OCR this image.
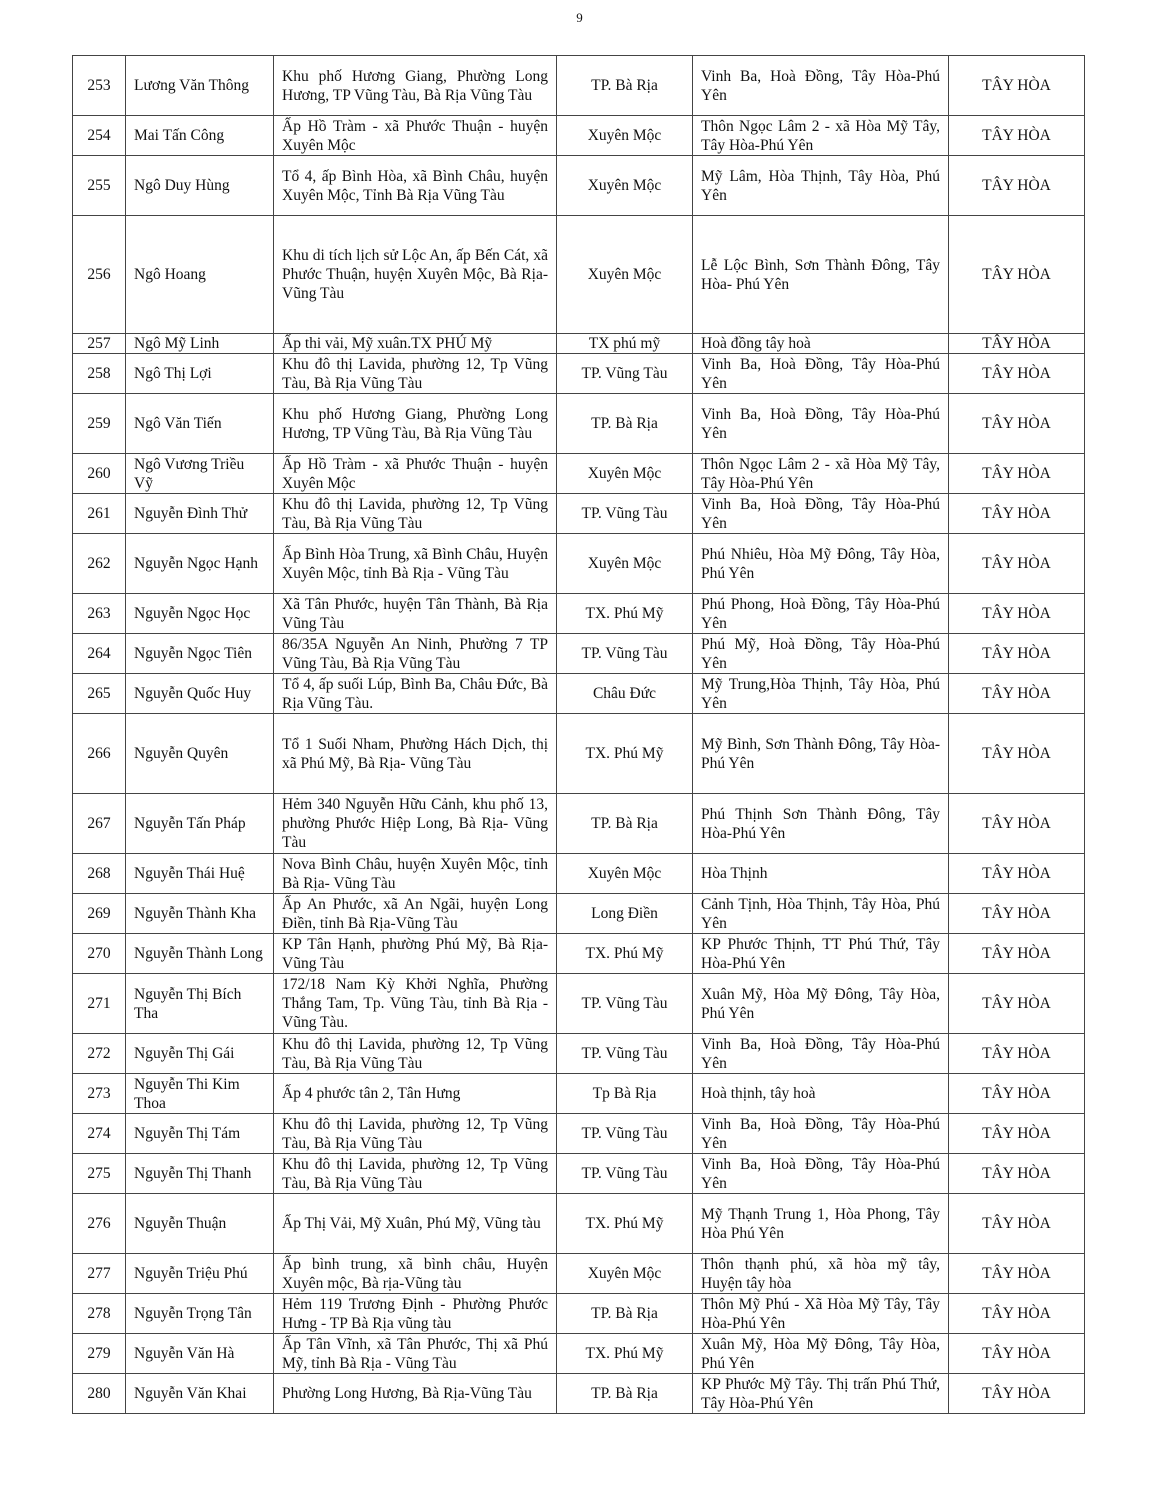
9
253	Lương Văn Thông	Khu phố Hương Giang, Phường Long Hương, TP Vũng Tàu, Bà Rịa Vũng Tàu	TP. Bà Rịa	Vinh Ba, Hoà Đồng, Tây Hòa-Phú Yên	TÂY HÒA
254	Mai Tấn Công	Ấp Hồ Tràm - xã Phước Thuận - huyện Xuyên Mộc	Xuyên Mộc	Thôn Ngọc Lâm 2 - xã Hòa Mỹ Tây, Tây Hòa-Phú Yên	TÂY HÒA
255	Ngô Duy Hùng	Tổ 4, ấp Bình Hòa, xã Bình Châu, huyện Xuyên Mộc, Tỉnh Bà Rịa Vũng Tàu	Xuyên Mộc	Mỹ Lâm, Hòa Thịnh, Tây Hòa, Phú Yên	TÂY HÒA
256	Ngô Hoang	Khu di tích lịch sử Lộc An, ấp Bến Cát, xã Phước Thuận, huyện Xuyên Mộc, Bà Rịa-Vũng Tàu	Xuyên Mộc	Lễ Lộc Bình, Sơn Thành Đông, Tây Hòa- Phú Yên	TÂY HÒA
257	Ngô Mỹ Linh	Ấp thi vải, Mỹ xuân.TX PHÚ Mỹ	TX phú mỹ	Hoà đồng tây hoà	TÂY HÒA
258	Ngô Thị Lợi	Khu đô thị Lavida, phường 12, Tp Vũng Tàu, Bà Rịa Vũng Tàu	TP. Vũng Tàu	Vinh Ba, Hoà Đồng, Tây Hòa-Phú Yên	TÂY HÒA
259	Ngô Văn Tiến	Khu phố Hương Giang, Phường Long Hương, TP Vũng Tàu, Bà Rịa Vũng Tàu	TP. Bà Rịa	Vinh Ba, Hoà Đồng, Tây Hòa-Phú Yên	TÂY HÒA
260	Ngô Vương Triều Vỹ	Ấp Hồ Tràm - xã Phước Thuận - huyện Xuyên Mộc	Xuyên Mộc	Thôn Ngọc Lâm 2 - xã Hòa Mỹ Tây, Tây Hòa-Phú Yên	TÂY HÒA
261	Nguyễn Đình Thử	Khu đô thị Lavida, phường 12, Tp Vũng Tàu, Bà Rịa Vũng Tàu	TP. Vũng Tàu	Vinh Ba, Hoà Đồng, Tây Hòa-Phú Yên	TÂY HÒA
262	Nguyễn Ngọc Hạnh	Ấp Bình Hòa Trung, xã Bình Châu, Huyện Xuyên Mộc, tỉnh Bà Rịa - Vũng Tàu	Xuyên Mộc	Phú Nhiêu, Hòa Mỹ Đông, Tây Hòa, Phú Yên	TÂY HÒA
263	Nguyễn Ngọc Học	Xã Tân Phước, huyện Tân Thành, Bà Rịa Vũng Tàu	TX. Phú Mỹ	Phú Phong, Hoà Đồng, Tây Hòa-Phú Yên	TÂY HÒA
264	Nguyễn Ngọc Tiên	86/35A Nguyễn An Ninh, Phường 7 TP Vũng Tàu, Bà Rịa Vũng Tàu	TP. Vũng Tàu	Phú Mỹ, Hoà Đồng, Tây Hòa-Phú Yên	TÂY HÒA
265	Nguyễn Quốc Huy	Tổ 4, ấp suối Lúp, Bình Ba, Châu Đức, Bà Rịa Vũng Tàu.	Châu Đức	Mỹ Trung,Hòa Thịnh, Tây Hòa, Phú Yên	TÂY HÒA
266	Nguyễn Quyên	Tổ 1 Suối Nham, Phường Hách Dịch, thị xã Phú Mỹ, Bà Rịa- Vũng Tàu	TX. Phú Mỹ	Mỹ Bình, Sơn Thành Đông, Tây Hòa-Phú Yên	TÂY HÒA
267	Nguyễn Tấn Pháp	Hẻm 340 Nguyễn Hữu Cảnh, khu phố 13, phường Phước Hiệp Long, Bà Rịa- Vũng Tàu	TP. Bà Rịa	Phú Thịnh Sơn Thành Đông, Tây Hòa-Phú Yên	TÂY HÒA
268	Nguyễn Thái Huệ	Nova Bình Châu, huyện Xuyên Mộc, tỉnh Bà Rịa- Vũng Tàu	Xuyên Mộc	Hòa Thịnh	TÂY HÒA
269	Nguyễn Thành Kha	Ấp An Phước, xã An Ngãi, huyện Long Điền, tỉnh Bà Rịa-Vũng Tàu	Long Điền	Cảnh Tịnh, Hòa Thịnh, Tây Hòa, Phú Yên	TÂY HÒA
270	Nguyễn Thành Long	KP Tân Hạnh, phường Phú Mỹ, Bà Rịa- Vũng Tàu	TX. Phú Mỹ	KP Phước Thịnh, TT Phú Thứ, Tây Hòa-Phú Yên	TÂY HÒA
271	Nguyễn Thị Bích Tha	172/18 Nam Kỳ Khởi Nghĩa, Phường Thắng Tam, Tp. Vũng Tàu, tỉnh Bà Rịa - Vũng Tàu.	TP. Vũng Tàu	Xuân Mỹ, Hòa Mỹ Đông, Tây Hòa, Phú Yên	TÂY HÒA
272	Nguyễn Thị Gái	Khu đô thị Lavida, phường 12, Tp Vũng Tàu, Bà Rịa Vũng Tàu	TP. Vũng Tàu	Vinh Ba, Hoà Đồng, Tây Hòa-Phú Yên	TÂY HÒA
273	Nguyễn Thi Kim Thoa	Ấp 4 phước tân 2, Tân Hưng	Tp Bà Rịa	Hoà thịnh, tây hoà	TÂY HÒA
274	Nguyễn Thị Tám	Khu đô thị Lavida, phường 12, Tp Vũng Tàu, Bà Rịa Vũng Tàu	TP. Vũng Tàu	Vinh Ba, Hoà Đồng, Tây Hòa-Phú Yên	TÂY HÒA
275	Nguyễn Thị Thanh	Khu đô thị Lavida, phường 12, Tp Vũng Tàu, Bà Rịa Vũng Tàu	TP. Vũng Tàu	Vinh Ba, Hoà Đồng, Tây Hòa-Phú Yên	TÂY HÒA
276	Nguyễn Thuận	Ấp Thị Vải, Mỹ Xuân, Phú Mỹ, Vũng tàu	TX. Phú Mỹ	Mỹ Thạnh Trung 1, Hòa Phong, Tây Hòa Phú Yên	TÂY HÒA
277	Nguyễn Triệu Phú	Ấp bình trung, xã bình châu, Huyện Xuyên mộc, Bà rịa-Vũng tàu	Xuyên Mộc	Thôn thạnh phú, xã hòa mỹ tây, Huyện tây hòa	TÂY HÒA
278	Nguyễn Trọng Tân	Hẻm 119 Trương Định - Phường Phước Hưng - TP Bà Rịa vũng tàu	TP. Bà Rịa	Thôn Mỹ Phú - Xã Hòa Mỹ Tây, Tây Hòa-Phú Yên	TÂY HÒA
279	Nguyễn Văn Hà	Ấp Tân Vĩnh, xã Tân Phước, Thị xã Phú Mỹ, tỉnh Bà Rịa - Vũng Tàu	TX. Phú Mỹ	Xuân Mỹ, Hòa Mỹ Đông, Tây Hòa, Phú Yên	TÂY HÒA
280	Nguyễn Văn Khai	Phường Long Hương, Bà Rịa-Vũng Tàu	TP. Bà Rịa	KP Phước Mỹ Tây. Thị trấn Phú Thứ, Tây Hòa-Phú Yên	TÂY HÒA
